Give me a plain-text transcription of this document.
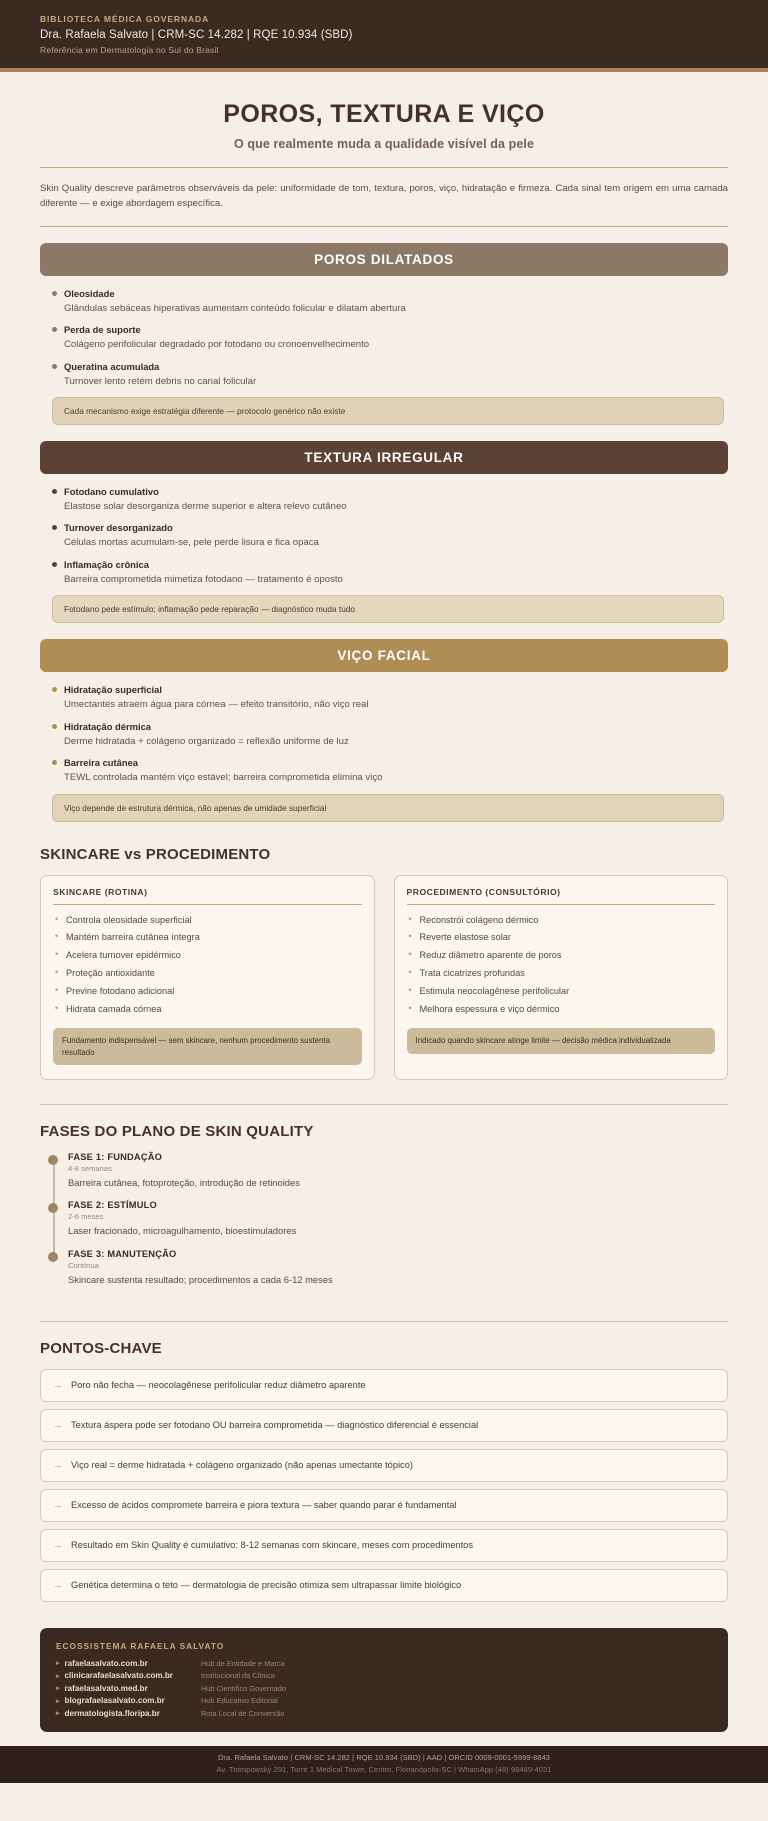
BIBLIOTECA MÉDICA GOVERNADA
Dra. Rafaela Salvato | CRM-SC 14.282 | RQE 10.934 (SBD)
Referência em Dermatologia no Sul do Brasil
POROS, TEXTURA E VIÇO
O que realmente muda a qualidade visível da pele

Skin Quality descreve parâmetros observáveis da pele: uniformidade de tom, textura, poros, viço, hidratação e firmeza. Cada sinal tem origem em uma camada diferente — e exige abordagem específica.

POROS DILATADOS
Oleosidade
Glândulas sebáceas hiperativas aumentam conteúdo folicular e dilatam abertura
Perda de suporte
Colágeno perifolicular degradado por fotodano ou cronoenvelhecimento
Queratina acumulada
Turnover lento retém debris no canal folicular
Cada mecanismo exige estratégia diferente — protocolo genérico não existe
TEXTURA IRREGULAR
Fotodano cumulativo
Elastose solar desorganiza derme superior e altera relevo cutâneo
Turnover desorganizado
Células mortas acumulam-se, pele perde lisura e fica opaca
Inflamação crônica
Barreira comprometida mimetiza fotodano — tratamento é oposto
Fotodano pede estímulo; inflamação pede reparação — diagnóstico muda tudo
VIÇO FACIAL
Hidratação superficial
Umectantes atraem água para córnea — efeito transitório, não viço real
Hidratação dérmica
Derme hidratada + colágeno organizado = reflexão uniforme de luz
Barreira cutânea
TEWL controlada mantém viço estável; barreira comprometida elimina viço
Viço depende de estrutura dérmica, não apenas de umidade superficial
SKINCARE vs PROCEDIMENTO
SKINCARE (ROTINA)
• Controla oleosidade superficial
• Mantém barreira cutânea íntegra
• Acelera turnover epidérmico
• Proteção antioxidante
• Previne fotodano adicional
• Hidrata camada córnea
Fundamento indispensável — sem skincare, nenhum procedimento sustenta resultado
PROCEDIMENTO (CONSULTÓRIO)
• Reconstrói colágeno dérmico
• Reverte elastose solar
• Reduz diâmetro aparente de poros
• Trata cicatrizes profundas
• Estimula neocolagênese perifolicular
• Melhora espessura e viço dérmico
Indicado quando skincare atinge limite — decisão médica individualizada
FASES DO PLANO DE SKIN QUALITY
FASE 1: FUNDAÇÃO
4-8 semanas
Barreira cutânea, fotoproteção, introdução de retinoides
FASE 2: ESTÍMULO
2-6 meses
Laser fracionado, microagulhamento, bioestimuladores
FASE 3: MANUTENÇÃO
Contínua
Skincare sustenta resultado; procedimentos a cada 6-12 meses
PONTOS-CHAVE
→ Poro não fecha — neocolagênese perifolicular reduz diâmetro aparente
→ Textura áspera pode ser fotodano OU barreira comprometida — diagnóstico diferencial é essencial
→ Viço real = derme hidratada + colágeno organizado (não apenas umectante tópico)
→ Excesso de ácidos compromete barreira e piora textura — saber quando parar é fundamental
→ Resultado em Skin Quality é cumulativo: 8-12 semanas com skincare, meses com procedimentos
→ Genética determina o teto — dermatologia de precisão otimiza sem ultrapassar limite biológico
ECOSSISTEMA RAFAELA SALVATO
▸ rafaelasalvato.com.br
▸ clinicarafaelasalvato.com.br
▸ rafaelasalvato.med.br
▸ blografaelasalvato.com.br
▸ dermatologista.floripa.br
Hub de Entidade e Marca
Institucional da Clínica
Hub Científico Governado
Hub Educativo Editorial
Rota Local de Conversão
Dra. Rafaela Salvato | CRM-SC 14.282 | RQE 10.934 (SBD) | AAD | ORCID 0009-0001-5999-8843
Av. Trompowsky 291, Torre 1 Medical Tower, Centro, Florianópolis-SC | WhatsApp (48) 98489-4031
